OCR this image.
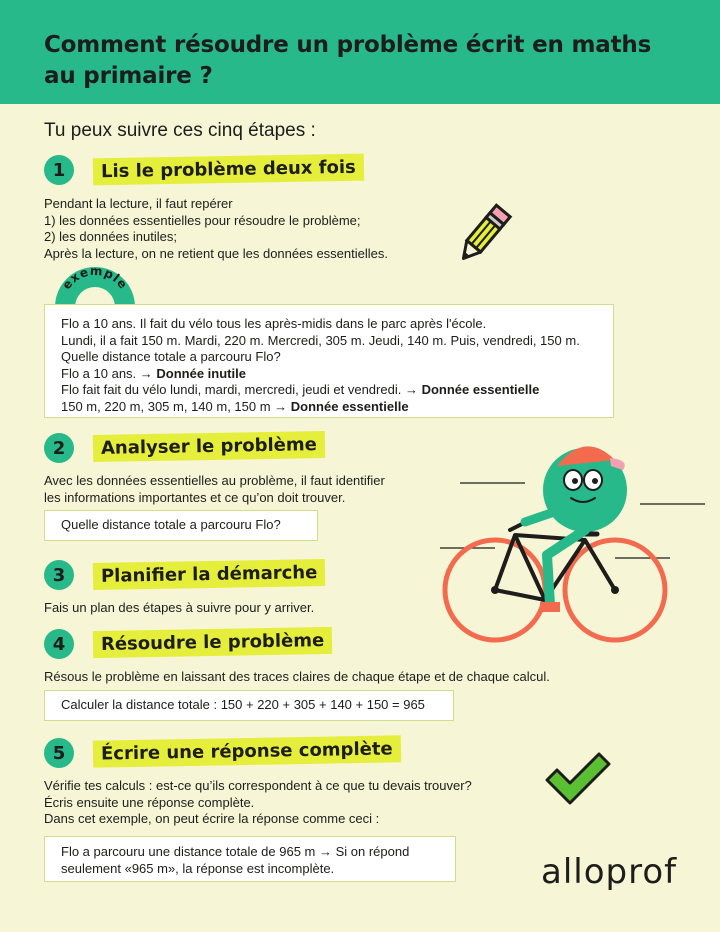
Comment résoudre un problème écrit en maths au primaire ?
Tu peux suivre ces cinq étapes :
1	Lis le problème deux fois
Pendant la lecture, il faut repérer
1) les données essentielles pour résoudre le problème;
2) les données inutiles;
Après la lecture, on ne retient que les données essentielles.
exemple
Flo a 10 ans. Il fait du vélo tous les après-midis dans le parc après l'école.
Lundi, il a fait 150 m. Mardi, 220 m. Mercredi, 305 m. Jeudi, 140 m. Puis, vendredi, 150 m.
Quelle distance totale a parcouru Flo?
Flo a 10 ans. → Donnée inutile
Flo fait fait du vélo lundi, mardi, mercredi, jeudi et vendredi. → Donnée essentielle
150 m, 220 m, 305 m, 140 m, 150 m → Donnée essentielle
2	Analyser le problème
Avec les données essentielles au problème, il faut identifier
les informations importantes et ce qu’on doit trouver.
Quelle distance totale a parcouru Flo?
3	Planifier la démarche
Fais un plan des étapes à suivre pour y arriver.
4	Résoudre le problème
Résous le problème en laissant des traces claires de chaque étape et de chaque calcul.
Calculer la distance totale : 150 + 220 + 305 + 140 + 150 = 965
5	Écrire une réponse complète
Vérifie tes calculs : est-ce qu’ils correspondent à ce que tu devais trouver?
Écris ensuite une réponse complète.
Dans cet exemple, on peut écrire la réponse comme ceci :
Flo a parcouru une distance totale de 965 m → Si on répond
seulement «965 m», la réponse est incomplète.	alloprof
